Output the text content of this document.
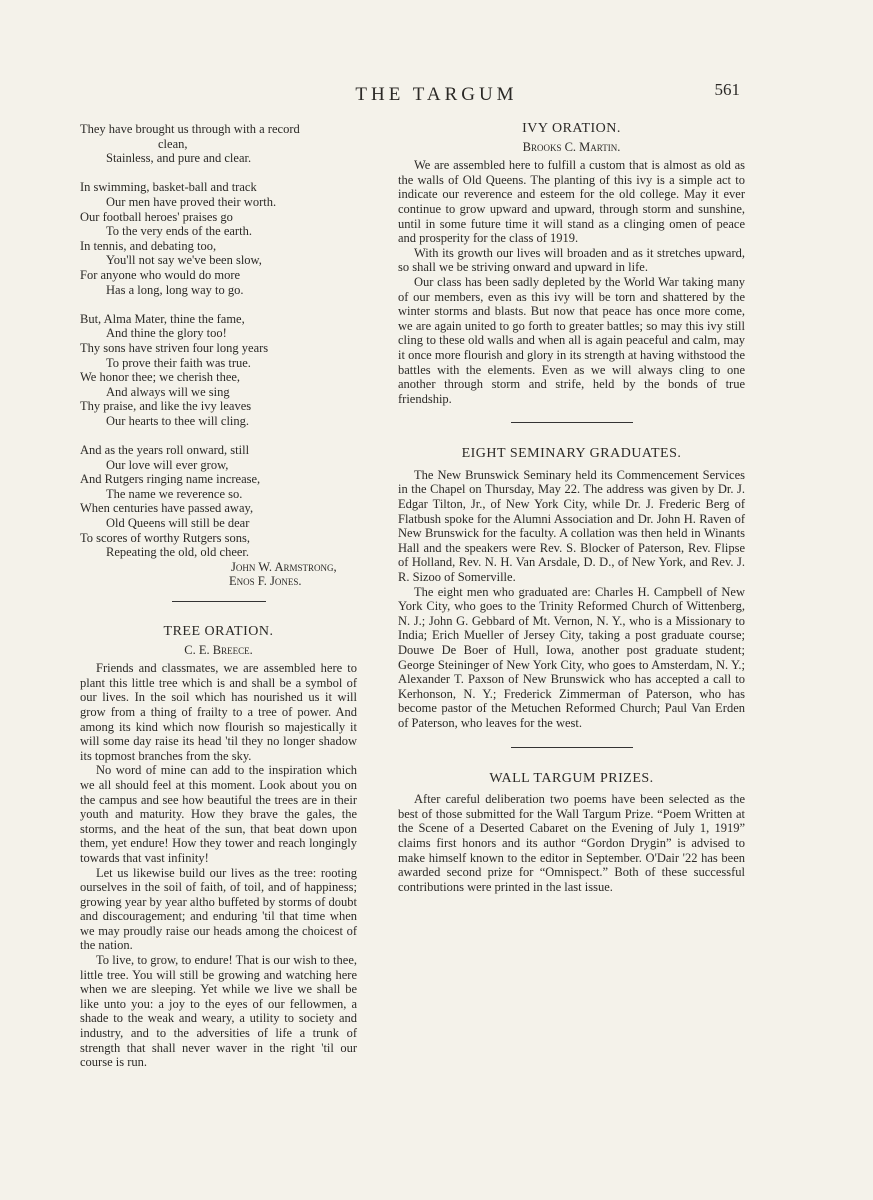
THE TARGUM	561
They have brought us through with a record
clean,
Stainless, and pure and clear.
In swimming, basket-ball and track
Our men have proved their worth.
Our football heroes' praises go
To the very ends of the earth.
In tennis, and debating too,
You'll not say we've been slow,
For anyone who would do more
Has a long, long way to go.
But, Alma Mater, thine the fame,
And thine the glory too!
Thy sons have striven four long years
To prove their faith was true.
We honor thee; we cherish thee,
And always will we sing
Thy praise, and like the ivy leaves
Our hearts to thee will cling.
And as the years roll onward, still
Our love will ever grow,
And Rutgers ringing name increase,
The name we reverence so.
When centuries have passed away,
Old Queens will still be dear
To scores of worthy Rutgers sons,
Repeating the old, old cheer.
John W. Armstrong,
Enos F. Jones.
TREE ORATION.
C. E. Breece.

Friends and classmates, we are assembled here to plant this little tree which is and shall be a symbol of our lives. In the soil which has nourished us it will grow from a thing of frailty to a tree of power. And among its kind which now flourish so majestically it will some day raise its head 'til they no longer shadow its topmost branches from the sky.

No word of mine can add to the inspiration which we all should feel at this moment. Look about you on the campus and see how beautiful the trees are in their youth and maturity. How they brave the gales, the storms, and the heat of the sun, that beat down upon them, yet endure! How they tower and reach longingly towards that vast infinity!

Let us likewise build our lives as the tree: rooting ourselves in the soil of faith, of toil, and of happiness; growing year by year altho buffeted by storms of doubt and discouragement; and enduring 'til that time when we may proudly raise our heads among the choicest of the nation.

To live, to grow, to endure! That is our wish to thee, little tree. You will still be growing and watching here when we are sleeping. Yet while we live we shall be like unto you: a joy to the eyes of our fellowmen, a shade to the weak and weary, a utility to society and industry, and to the adversities of life a trunk of strength that shall never waver in the right 'til our course is run.

IVY ORATION.
Brooks C. Martin.

We are assembled here to fulfill a custom that is almost as old as the walls of Old Queens. The planting of this ivy is a simple act to indicate our reverence and esteem for the old college. May it ever continue to grow upward and upward, through storm and sunshine, until in some future time it will stand as a clinging omen of peace and prosperity for the class of 1919.

With its growth our lives will broaden and as it stretches upward, so shall we be striving onward and upward in life.

Our class has been sadly depleted by the World War taking many of our members, even as this ivy will be torn and shattered by the winter storms and blasts. But now that peace has once more come, we are again united to go forth to greater battles; so may this ivy still cling to these old walls and when all is again peaceful and calm, may it once more flourish and glory in its strength at having withstood the battles with the elements. Even as we will always cling to one another through storm and strife, held by the bonds of true friendship.

EIGHT SEMINARY GRADUATES.

The New Brunswick Seminary held its Commencement Services in the Chapel on Thursday, May 22. The address was given by Dr. J. Edgar Tilton, Jr., of New York City, while Dr. J. Frederic Berg of Flatbush spoke for the Alumni Association and Dr. John H. Raven of New Brunswick for the faculty. A collation was then held in Winants Hall and the speakers were Rev. S. Blocker of Paterson, Rev. Flipse of Holland, Rev. N. H. Van Arsdale, D. D., of New York, and Rev. J. R. Sizoo of Somerville.

The eight men who graduated are: Charles H. Campbell of New York City, who goes to the Trinity Reformed Church of Wittenberg, N. J.; John G. Gebbard of Mt. Vernon, N. Y., who is a Missionary to India; Erich Mueller of Jersey City, taking a post graduate course; Douwe De Boer of Hull, Iowa, another post graduate student; George Steininger of New York City, who goes to Amsterdam, N. Y.; Alexander T. Paxson of New Brunswick who has accepted a call to Kerhonson, N. Y.; Frederick Zimmerman of Paterson, who has become pastor of the Metuchen Reformed Church; Paul Van Erden of Paterson, who leaves for the west.

WALL TARGUM PRIZES.

After careful deliberation two poems have been selected as the best of those submitted for the Wall Targum Prize. “Poem Written at the Scene of a Deserted Cabaret on the Evening of July 1, 1919” claims first honors and its author “Gordon Drygin” is advised to make himself known to the editor in September. O'Dair '22 has been awarded second prize for “Omnispect.” Both of these successful contributions were printed in the last issue.
